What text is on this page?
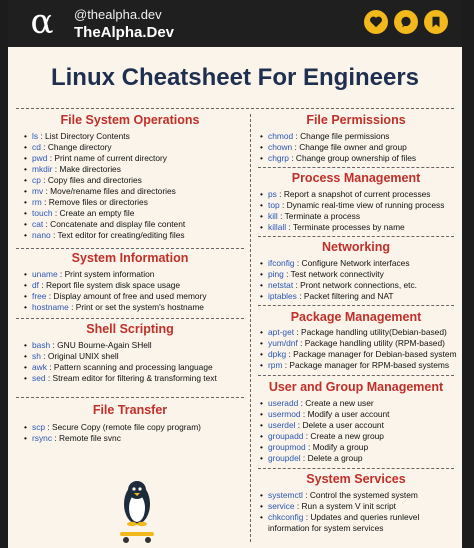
α	@thealpha.dev
TheAlpha.Dev
Linux Cheatsheet For Engineers
File System Operations
• ls : List Directory Contents
• cd : Change directory
• pwd : Print name of current directory
• mkdir : Make directories
• cp : Copy files and directories
• mv : Move/rename files and directories
• rm : Remove files or directories
• touch : Create an empty file
• cat : Concatenate and display file content
• nano : Text editor for creating/editing files
System Information
• uname : Print system information
• df : Report file system disk space usage
• free : Display amount of free and used memory
• hostname : Print or set the system's hostname
Shell Scripting
• bash : GNU Bourne-Again SHell
• sh : Original UNIX shell
• awk : Pattern scanning and processing language
• sed : Stream editor for filtering & transforming text
File Transfer
• scp : Secure Copy (remote file copy program)
• rsync : Remote file svnc
File Permissions
• chmod : Change file permissions
• chown : Change file owner and group
• chgrp : Change group ownership of files
Process Management
• ps : Report a snapshot of current processes
• top : Dynamic real-time view of running process
• kill : Terminate a process
• killall : Terminate processes by name
Networking
• ifconfig : Configure Network interfaces
• ping : Test network connectivity
• netstat : Pront network connections, etc.
• iptables : Packet filtering and NAT
Package Management
• apt-get : Package handling utility(Debian-based)
• yum/dnf : Package handling utility (RPM-based)
• dpkg : Package manager for Debian-based system
• rpm : Package manager for RPM-based systems
User and Group Management
• useradd : Create a new user
• usermod : Modify a user account
• userdel : Delete a user account
• groupadd : Create a new group
• groupmod : Modify a group
• groupdel : Delete a group
System Services
• systemctl : Control the systemed system
• service : Run a system V init script
• chkconfig : Updates and queries runlevel information for system services
